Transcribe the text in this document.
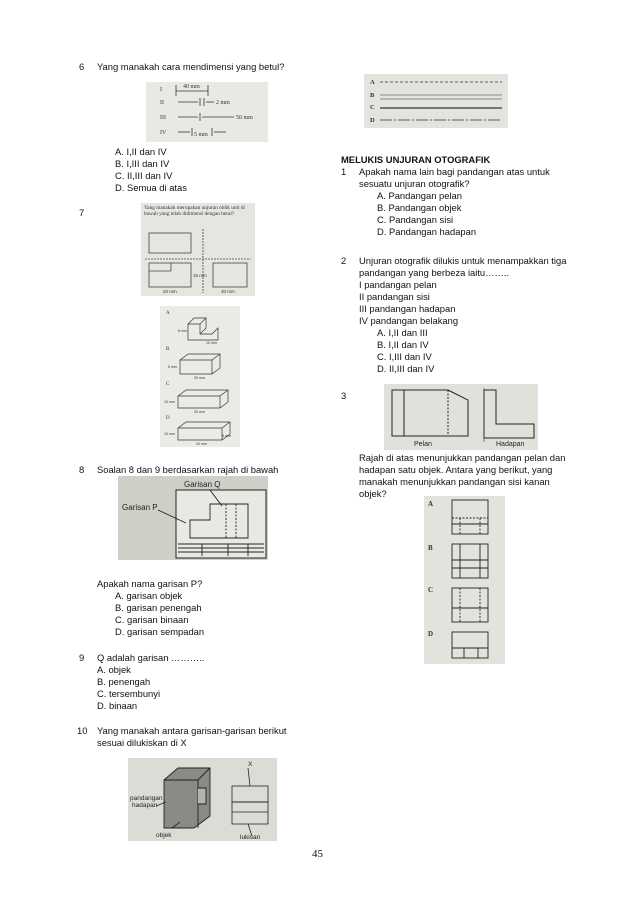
6 Yang manakah cara mendimensi yang betul?
I
II
III
IV
40 mm
2 mm
50 mm
5 mm
A. I,II dan IV
B. I,III dan IV
C. II,III dan IV
D. Semua di atas
7	Yang manakah merupakan unjuran oblik unit di bawah yang telah didimensi dengan betul?
15 mm
20 mm	30 mm
A
B
C
D
8 mm
10 mm
5 mm
20 mm
15 mm
20 mm
15 mm	8 mm
20 mm
8 Soalan 8 dan 9 berdasarkan rajah di bawah
Garisan Q
Garisan P
Apakah nama garisan P?
A. garisan objek
B. garisan penengah
C. garisan binaan
D. garisan sempadan
9 Q adalah garisan ………..
A. objek
B. penengah
C. tersembunyi
D. binaan
10 Yang manakah antara garisan-garisan berikut
sesuai dilukiskan di X
X
pandangan
hadapan
objek	lukisan
A
B
C
D
MELUKIS UNJURAN OTOGRAFIK
1 Apakah nama lain bagi pandangan atas untuk
sesuatu unjuran otografik?
A. Pandangan pelan
B. Pandangan objek
C. Pandangan sisi
D. Pandangan hadapan
2 Unjuran otografik dilukis untuk menampakkan tiga
pandangan yang berbeza iaitu……..
I pandangan pelan
II pandangan sisi
III pandangan hadapan
IV pandangan belakang
A. I,II dan III
B. I,II dan IV
C. I,III dan IV
D. II,III dan IV
3
Pelan	Hadapan
Rajah di atas menunjukkan pandangan pelan dan
hadapan satu objek. Antara yang berikut, yang
manakah menunjukkan pandangan sisi kanan
objek?
A
B
C
D
45
